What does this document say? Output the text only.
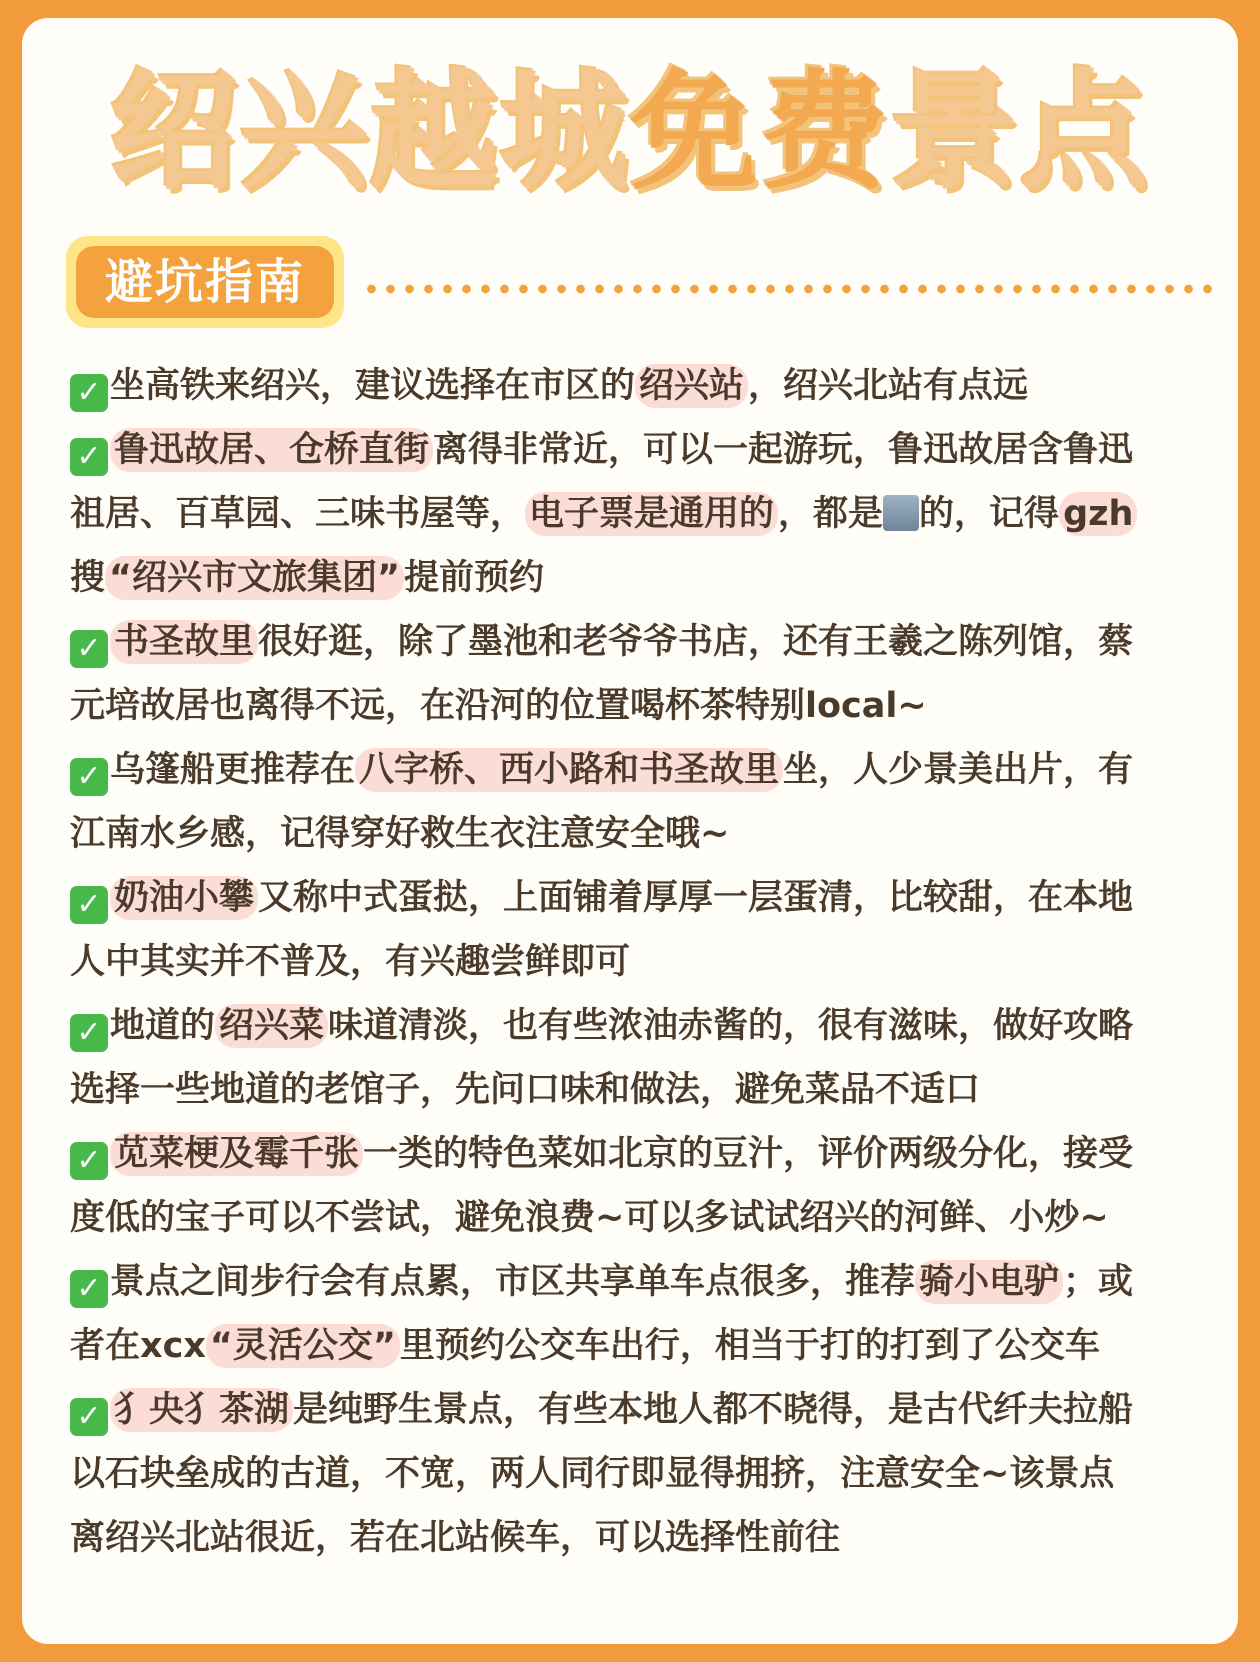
绍兴越城免费景点
避坑指南
✓ 坐高铁来绍兴，建议选择在市区的 绍兴站 ，绍兴北站有点远
✓ 鲁迅故居、仓桥直街 离得非常近，可以一起游玩，鲁迅故居含鲁迅
祖居、百草园、三味书屋等， 电子票是通用的 ，都是 的，记得 gzh
搜 “绍兴市文旅集团” 提前预约
✓ 书圣故里 很好逛，除了墨池和老爷爷书店，还有王羲之陈列馆，蔡
元培故居也离得不远，在沿河的位置喝杯茶特别local~
✓ 乌篷船更推荐在 八字桥、西小路和书圣故里 坐，人少景美出片，有
江南水乡感，记得穿好救生衣注意安全哦~
✓ 奶油小攀 又称中式蛋挞，上面铺着厚厚一层蛋清，比较甜，在本地
人中其实并不普及，有兴趣尝鲜即可
✓ 地道的 绍兴菜 味道清淡，也有些浓油赤酱的，很有滋味，做好攻略
选择一些地道的老馆子，先问口味和做法，避免菜品不适口
✓ 苋菜梗及霉千张 一类的特色菜如北京的豆汁，评价两级分化，接受
度低的宝子可以不尝试，避免浪费~可以多试试绍兴的河鲜、小炒~
✓ 景点之间步行会有点累，市区共享单车点很多，推荐 骑小电驴 ；或
者在xcx “灵活公交” 里预约公交车出行，相当于打的打到了公交车
✓ 犭央犭茶湖 是纯野生景点，有些本地人都不晓得，是古代纤夫拉船
以石块垒成的古道，不宽，两人同行即显得拥挤，注意安全~该景点
离绍兴北站很近，若在北站候车，可以选择性前往
